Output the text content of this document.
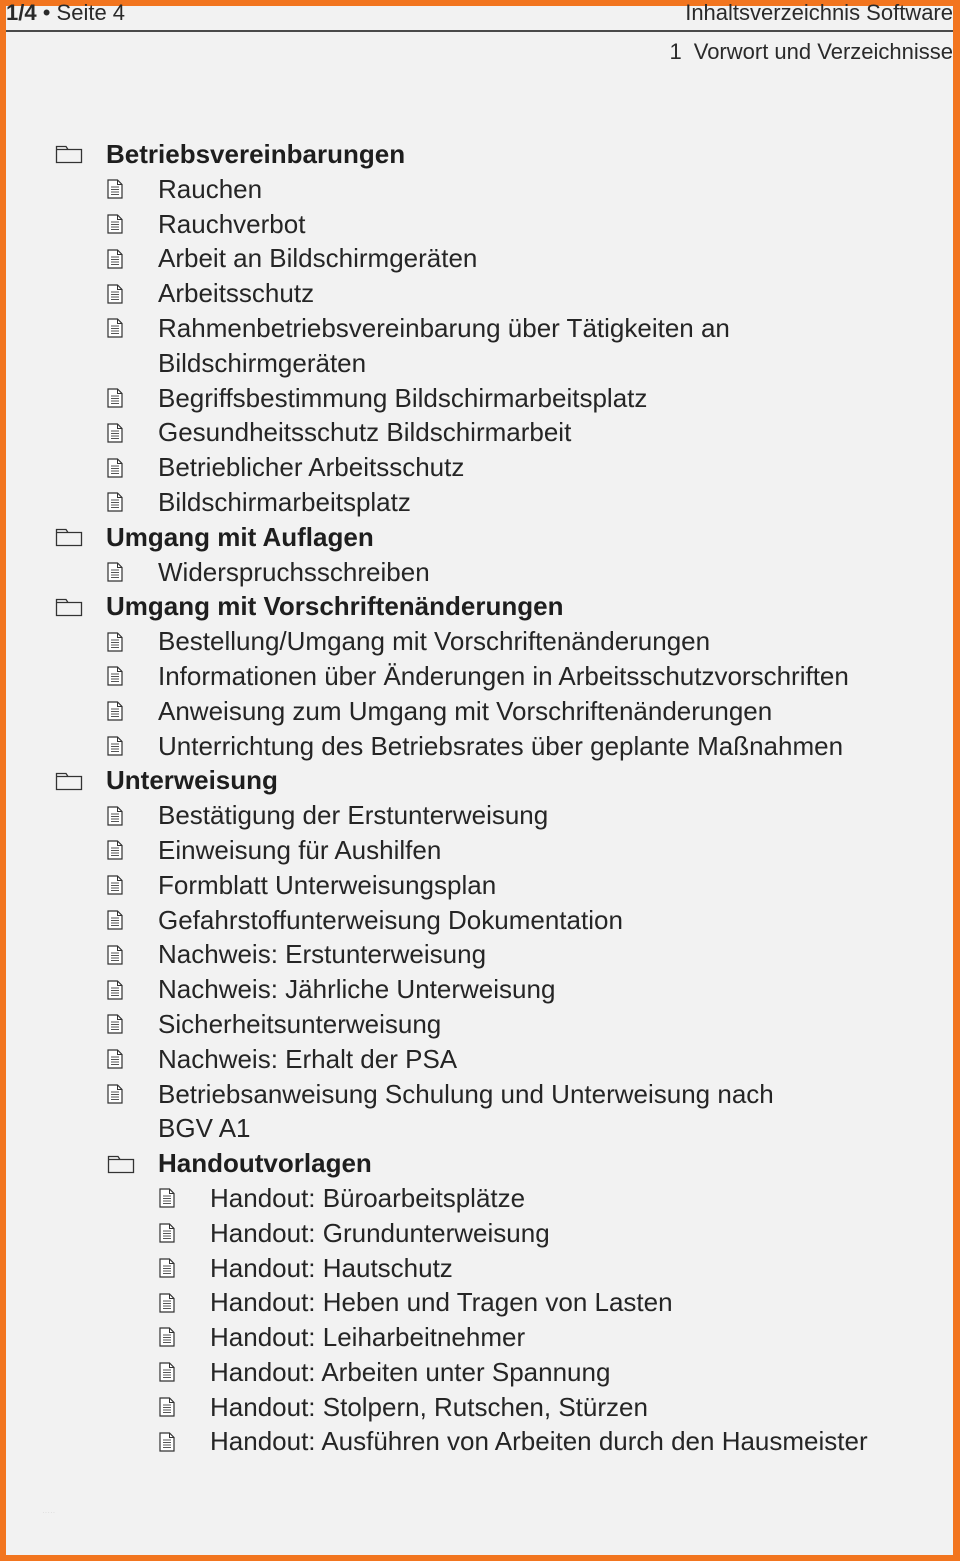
1/4 • Seite 4	Inhaltsverzeichnis Software
1 Vorwort und Verzeichnisse
Betriebsvereinbarungen
Rauchen
Rauchverbot
Arbeit an Bildschirmgeräten
Arbeitsschutz
Rahmenbetriebsvereinbarung über Tätigkeiten an
Bildschirmgeräten
Begriffsbestimmung Bildschirmarbeitsplatz
Gesundheitsschutz Bildschirmarbeit
Betrieblicher Arbeitsschutz
Bildschirmarbeitsplatz
Umgang mit Auflagen
Widerspruchsschreiben
Umgang mit Vorschriftenänderungen
Bestellung/Umgang mit Vorschriftenänderungen
Informationen über Änderungen in Arbeitsschutzvorschriften
Anweisung zum Umgang mit Vorschriftenänderungen
Unterrichtung des Betriebsrates über geplante Maßnahmen
Unterweisung
Bestätigung der Erstunterweisung
Einweisung für Aushilfen
Formblatt Unterweisungsplan
Gefahrstoffunterweisung Dokumentation
Nachweis: Erstunterweisung
Nachweis: Jährliche Unterweisung
Sicherheitsunterweisung
Nachweis: Erhalt der PSA
Betriebsanweisung Schulung und Unterweisung nach
BGV A1
Handoutvorlagen
Handout: Büroarbeitsplätze
Handout: Grundunterweisung
Handout: Hautschutz
Handout: Heben und Tragen von Lasten
Handout: Leiharbeitnehmer
Handout: Arbeiten unter Spannung
Handout: Stolpern, Rutschen, Stürzen
Handout: Ausführen von Arbeiten durch den Hausmeister
·····
